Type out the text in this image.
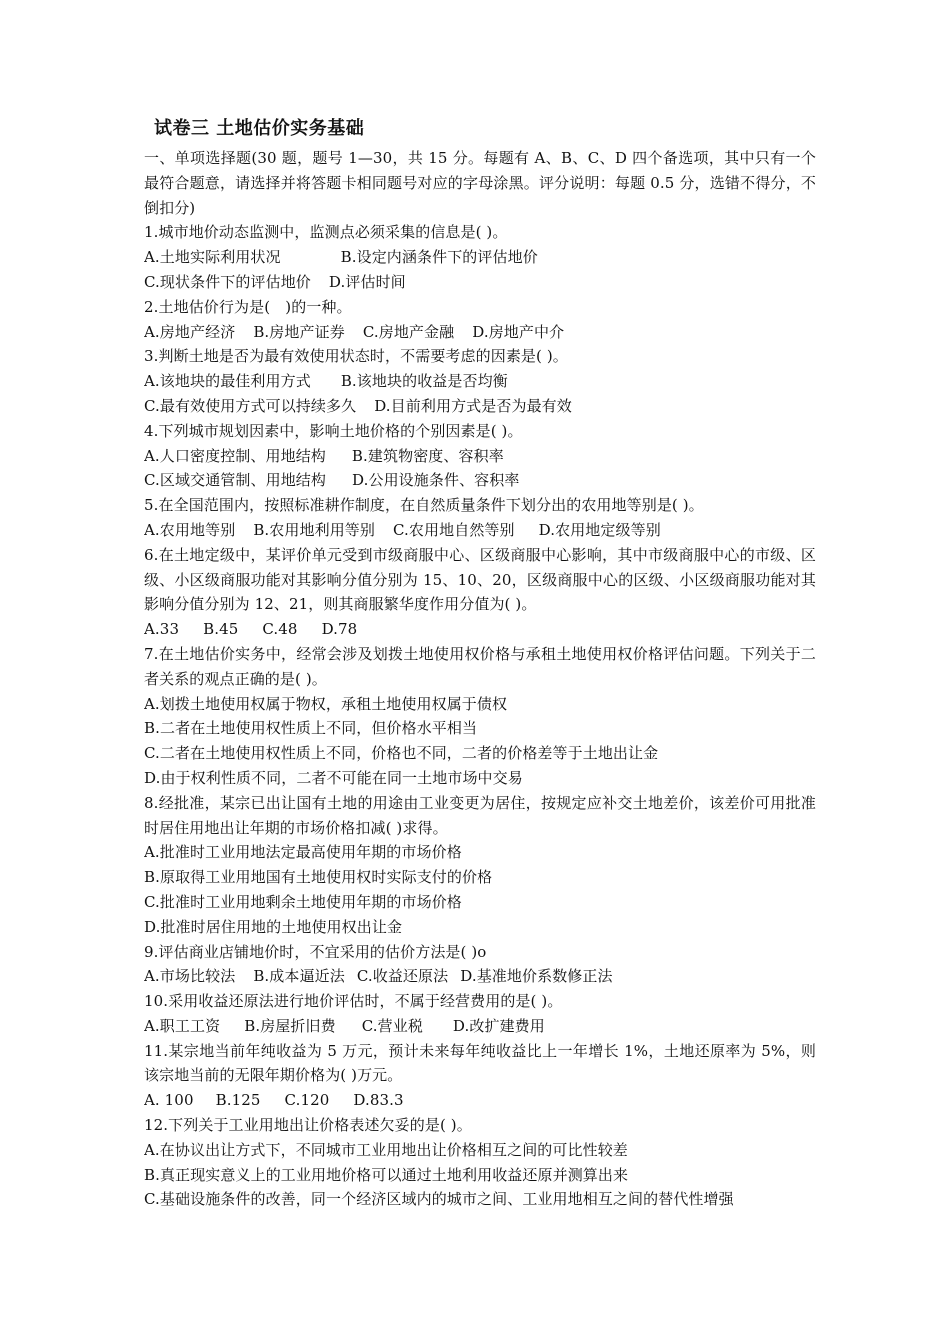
试卷三 土地估价实务基础
一、单项选择题(30 题，题号 1—30，共 15 分。每题有 A、B、C、D 四个备选项，其中只有一个最符合题意，请选择并将答题卡相同题号对应的字母涂黑。评分说明：每题 0.5 分，选错不得分，不倒扣分)
1.城市地价动态监测中，监测点必须采集的信息是( )。
A.土地实际利用状况	B.设定内涵条件下的评估地价
C.现状条件下的评估地价 D.评估时间
2.土地估价行为是(　)的一种。
A.房地产经济 B.房地产证券 C.房地产金融 D.房地产中介
3.判断土地是否为最有效使用状态时，不需要考虑的因素是( )。
A.该地块的最佳利用方式 B.该地块的收益是否均衡
C.最有效使用方式可以持续多久 D.目前利用方式是否为最有效
4.下列城市规划因素中，影响土地价格的个别因素是( )。
A.人口密度控制、用地结构 B.建筑物密度、容积率
C.区域交通管制、用地结构 D.公用设施条件、容积率
5.在全国范围内，按照标准耕作制度，在自然质量条件下划分出的农用地等别是( )。
A.农用地等别 B.农用地利用等别 C.农用地自然等别 D.农用地定级等别
6.在土地定级中，某评价单元受到市级商服中心、区级商服中心影响，其中市级商服中心的市级、区级、小区级商服功能对其影响分值分别为 15、10、20，区级商服中心的区级、小区级商服功能对其影响分值分别为 12、21，则其商服繁华度作用分值为( )。
A.33 B.45 C.48 D.78
7.在土地估价实务中，经常会涉及划拨土地使用权价格与承租土地使用权价格评估问题。下列关于二者关系的观点正确的是( )。
A.划拨土地使用权属于物权，承租土地使用权属于债权
B.二者在土地使用权性质上不同，但价格水平相当
C.二者在土地使用权性质上不同，价格也不同，二者的价格差等于土地出让金
D.由于权利性质不同，二者不可能在同一土地市场中交易
8.经批准，某宗已出让国有土地的用途由工业变更为居住，按规定应补交土地差价，该差价可用批准时居住用地出让年期的市场价格扣减( )求得。
A.批准时工业用地法定最高使用年期的市场价格
B.原取得工业用地国有土地使用权时实际支付的价格
C.批准时工业用地剩余土地使用年期的市场价格
D.批准时居住用地的土地使用权出让金
9.评估商业店铺地价时，不宜采用的估价方法是( )o
A.市场比较法 B.成本逼近法 C.收益还原法 D.基准地价系数修正法
10.采用收益还原法进行地价评估时，不属于经营费用的是( )。
A.职工工资 B.房屋折旧费 C.营业税 D.改扩建费用
11.某宗地当前年纯收益为 5 万元，预计未来每年纯收益比上一年增长 1%，土地还原率为 5%，则该宗地当前的无限年期价格为( )万元。
A. 100 B.125 C.120 D.83.3
12.下列关于工业用地出让价格表述欠妥的是( )。
A.在协议出让方式下，不同城市工业用地出让价格相互之间的可比性较差
B.真正现实意义上的工业用地价格可以通过土地利用收益还原并测算出来
C.基础设施条件的改善，同一个经济区域内的城市之间、工业用地相互之间的替代性增强
